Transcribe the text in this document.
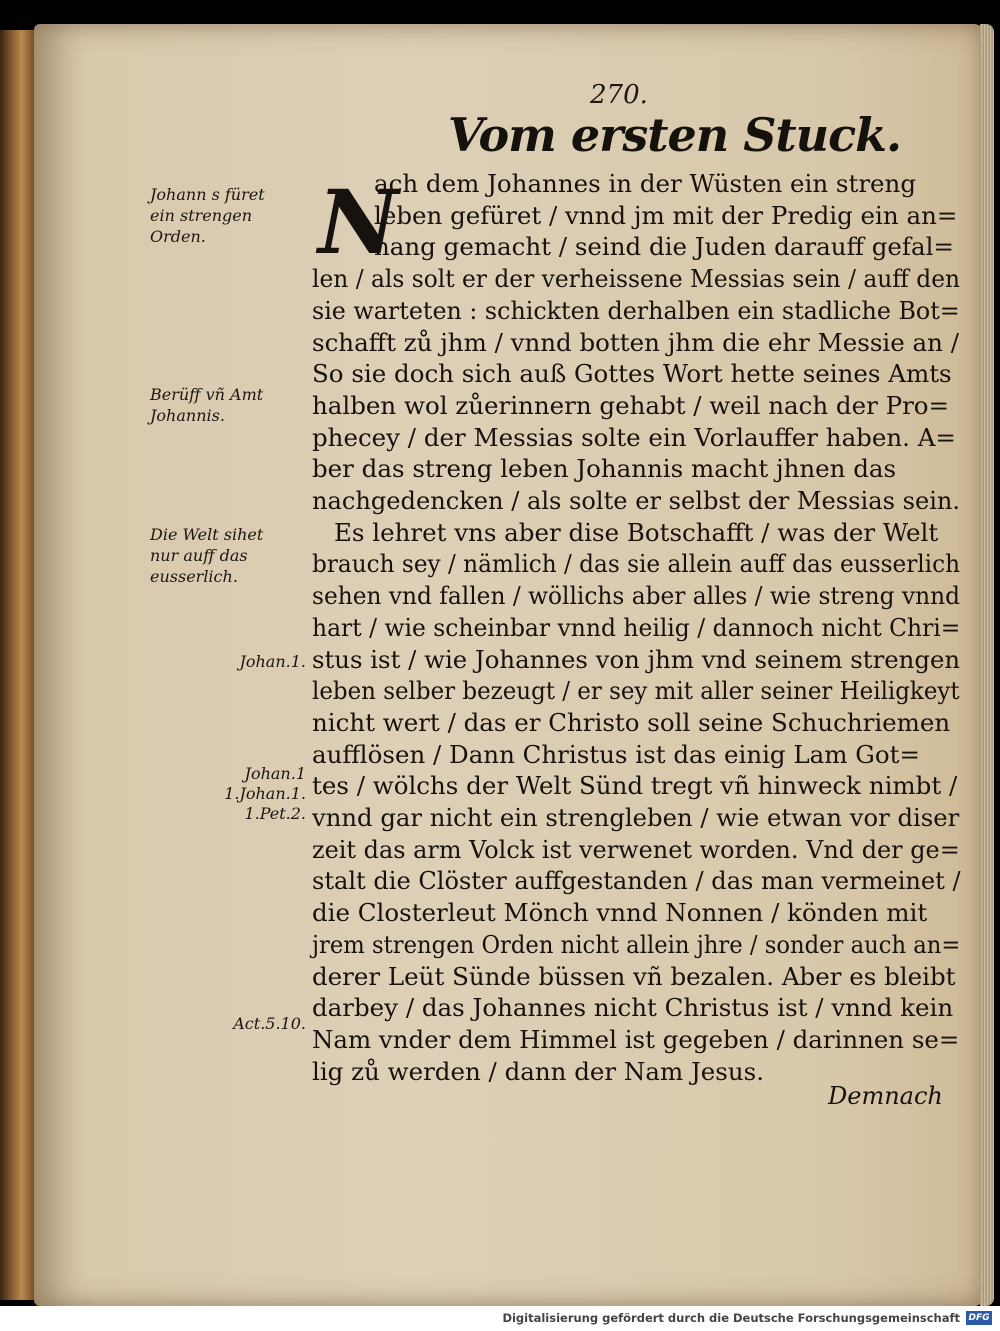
270.
Vom ersten Stuck.
N
ach dem Johannes in der Wüsten ein streng
leben gefüret / vnnd jm mit der Predig ein an=
hang gemacht / seind die Juden darauff gefal=
len / als solt er der verheissene Messias sein / auff den
sie warteten : schickten derhalben ein stadliche Bot=
schafft zů jhm / vnnd botten jhm die ehr Messie an /
So sie doch sich auß Gottes Wort hette seines Amts
halben wol zůerinnern gehabt / weil nach der Pro=
phecey / der Messias solte ein Vorlauffer haben. A=
ber das streng leben Johannis macht jhnen das
nachgedencken / als solte er selbst der Messias sein.
Es lehret vns aber dise Botschafft / was der Welt
brauch sey / nämlich / das sie allein auff das eusserlich
sehen vnd fallen / wöllichs aber alles / wie streng vnnd
hart / wie scheinbar vnnd heilig / dannoch nicht Chri=
stus ist / wie Johannes von jhm vnd seinem strengen
leben selber bezeugt / er sey mit aller seiner Heiligkeyt
nicht wert / das er Christo soll seine Schuchriemen
aufflösen / Dann Christus ist das einig Lam Got=
tes / wölchs der Welt Sünd tregt vñ hinweck nimbt /
vnnd gar nicht ein strengleben / wie etwan vor diser
zeit das arm Volck ist verwenet worden. Vnd der ge=
stalt die Clöster auffgestanden / das man vermeinet /
die Closterleut Mönch vnnd Nonnen / könden mit
jrem strengen Orden nicht allein jhre / sonder auch an=
derer Leüt Sünde büssen vñ bezalen. Aber es bleibt
darbey / das Johannes nicht Christus ist / vnnd kein
Nam vnder dem Himmel ist gegeben / darinnen se=
lig zů werden / dann der Nam Jesus.
Johann s füret
ein strengen
Orden.
Berüff vñ Amt
Johannis.
Die Welt sihet
nur auff das
eusserlich.
Johan.1.
Johan.1
1.Johan.1.
1.Pet.2.
Act.5.10.
Demnach
Digitalisierung gefördert durch die Deutsche Forschungsgemeinschaft DFG
